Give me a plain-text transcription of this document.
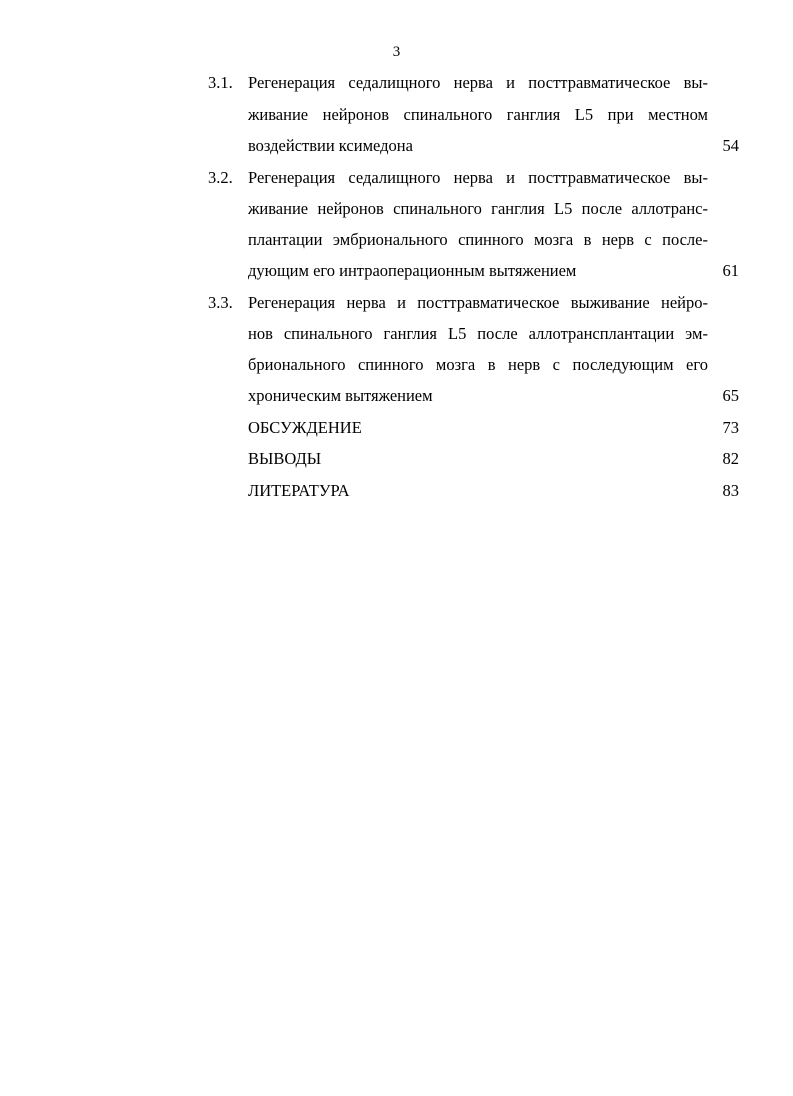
3
3.1. Регенерация седалищного нерва и посттравматическое вы-
живание нейронов спинального ганглия L5 при местном
воздействии ксимедона	54
3.2. Регенерация седалищного нерва и посттравматическое вы-
живание нейронов спинального ганглия L5 после аллотранс-
плантации эмбрионального спинного мозга в нерв с после-
дующим его интраоперационным вытяжением	61
3.3. Регенерация нерва и посттравматическое выживание нейро-
нов спинального ганглия L5 после аллотрансплантации эм-
брионального спинного мозга в нерв с последующим его
хроническим вытяжением	65
ОБСУЖДЕНИЕ	73
ВЫВОДЫ	82
ЛИТЕРАТУРА	83
